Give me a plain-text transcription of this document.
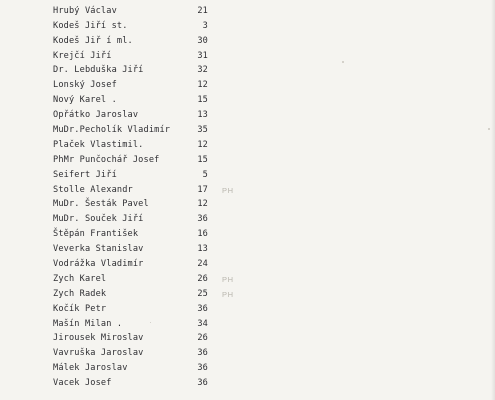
Hrubý Václav	21
Kodeš Jiří st.	3
Kodeš Jiř í ml.	30
Krejčí Jiří	31
Dr. Lebduška Jiří	32
Lonský Josef	12
Nový Karel .	15
Opřátko Jaroslav	13
MuDr.Pecholík Vladimír	35
Plaček Vlastimil.	12
PhMr Punčochář Josef	15
Seifert Jiří	5
Stolle Alexandr	17 PH
MuDr. Šesták Pavel	12
MuDr. Souček Jiří	36
Štěpán František	16
Veverka Stanislav	13
Vodrážka Vladimír	24
Zych Karel	26 PH
Zych Radek	25 PH
Kočík Petr	36
Mašín Milan .	34
Jirousek Miroslav	26
Vavruška Jaroslav	36
Málek Jaroslav	36
Vacek Josef	36
